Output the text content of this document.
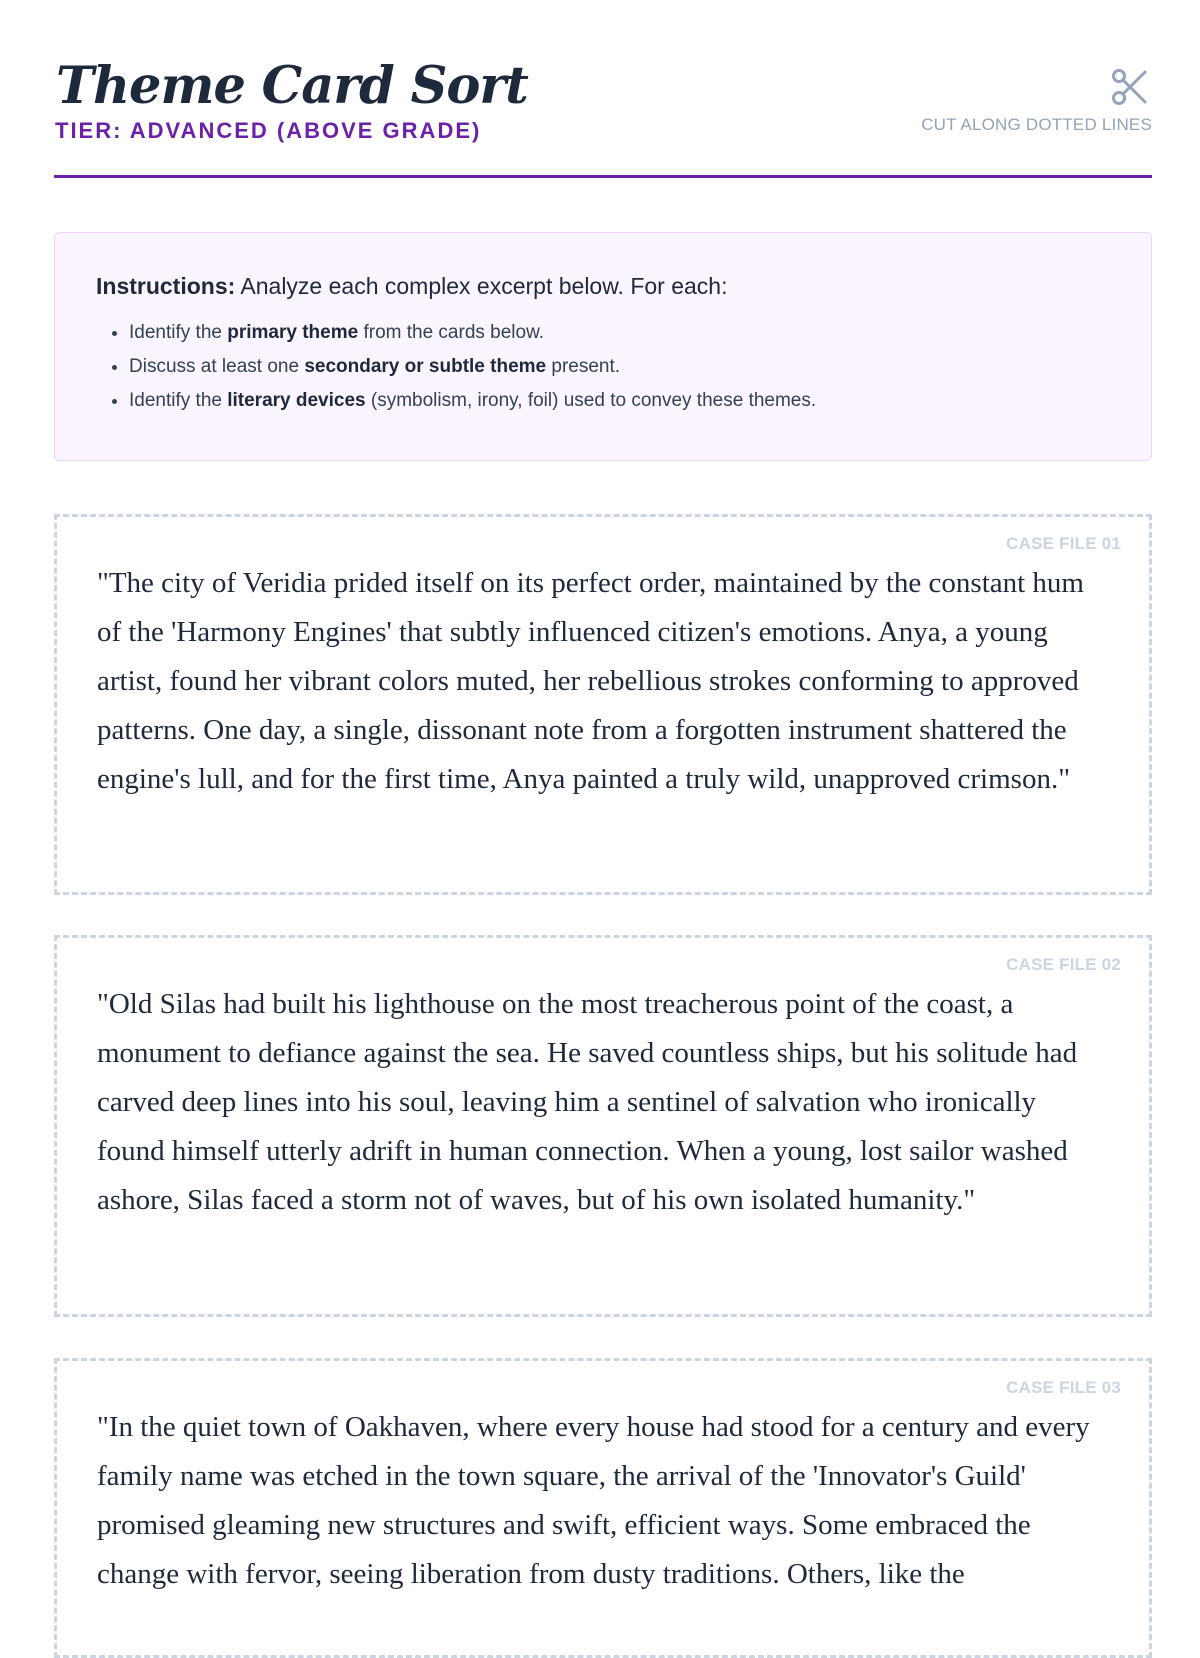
Theme Card Sort
TIER: ADVANCED (ABOVE GRADE)	CUT ALONG DOTTED LINES

Instructions: Analyze each complex excerpt below. For each:

• Identify the primary theme from the cards below.
• Discuss at least one secondary or subtle theme present.
• Identify the literary devices (symbolism, irony, foil) used to convey these themes.
CASE FILE 01

"The city of Veridia prided itself on its perfect order, maintained by the constant hum of the 'Harmony Engines' that subtly influenced citizen's emotions. Anya, a young artist, found her vibrant colors muted, her rebellious strokes conforming to approved patterns. One day, a single, dissonant note from a forgotten instrument shattered the engine's lull, and for the first time, Anya painted a truly wild, unapproved crimson."

CASE FILE 02

"Old Silas had built his lighthouse on the most treacherous point of the coast, a monument to defiance against the sea. He saved countless ships, but his solitude had carved deep lines into his soul, leaving him a sentinel of salvation who ironically found himself utterly adrift in human connection. When a young, lost sailor washed ashore, Silas faced a storm not of waves, but of his own isolated humanity."

CASE FILE 03

"In the quiet town of Oakhaven, where every house had stood for a century and every family name was etched in the town square, the arrival of the 'Innovator's Guild' promised gleaming new structures and swift, efficient ways. Some embraced the change with fervor, seeing liberation from dusty traditions. Others, like the
